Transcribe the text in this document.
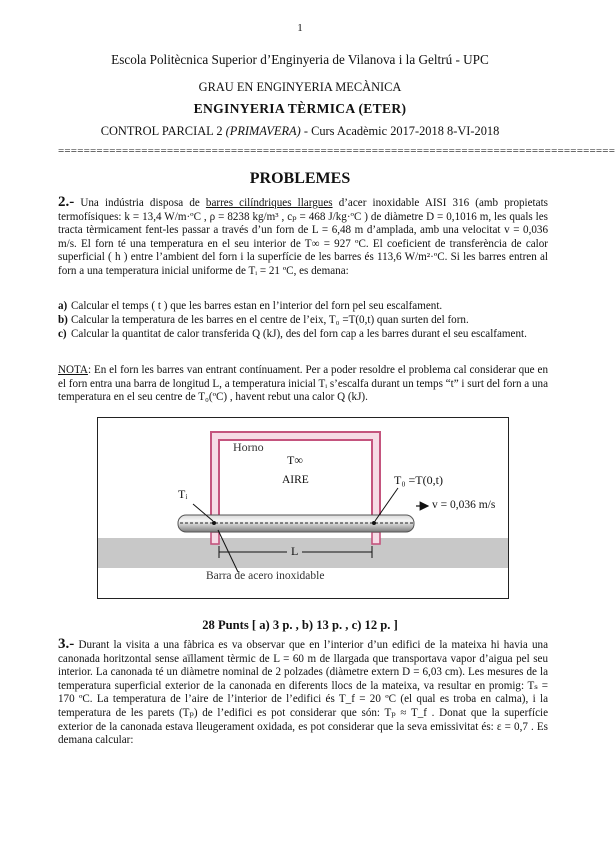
1
Escola Politècnica Superior d’Enginyeria de Vilanova i la Geltrú - UPC
GRAU EN ENGINYERIA MECÀNICA
ENGINYERIA TÈRMICA (ETER)
CONTROL PARCIAL 2 (PRIMAVERA) - Curs Acadèmic 2017-2018 8-VI-2018
=======================================================================================
PROBLEMES
2.- Una indústria disposa de barres cilíndriques llargues d’acer inoxidable AISI 316 (amb propietats termofísiques: k = 13,4 W/m·ºC , ρ = 8238 kg/m³ , cₚ = 468 J/kg·ºC ) de diàmetre D = 0,1016 m, les quals les tracta tèrmicament fent-les passar a través d’un forn de L = 6,48 m d’amplada, amb una velocitat v = 0,036 m/s. El forn té una temperatura en el seu interior de T∞ = 927 ºC. El coeficient de transferència de calor superficial ( h ) entre l’ambient del forn i la superfície de les barres és 113,6 W/m²·ºC. Si les barres entren al forn a una temperatura inicial uniforme de Tᵢ = 21 ºC, es demana:
a) Calcular el temps ( t ) que les barres estan en l’interior del forn pel seu escalfament.
b) Calcular la temperatura de les barres en el centre de l’eix, T₀ =T(0,t) quan surten del forn.
c) Calcular la quantitat de calor transferida Q (kJ), des del forn cap a les barres durant el seu escalfament.
NOTA: En el forn les barres van entrant contínuament. Per a poder resoldre el problema cal considerar que en el forn entra una barra de longitud L, a temperatura inicial Tᵢ s’escalfa durant un temps “t” i surt del forn a una temperatura en el seu centre de T₀(ºC) , havent rebut una calor Q (kJ).
Horno
T∞
AIRE	T₀ =T(0,t)
Tᵢ
v = 0,036 m/s
L
Barra de acero inoxidable
28 Punts [ a) 3 p. , b) 13 p. , c) 12 p. ]
3.- Durant la visita a una fàbrica es va observar que en l’interior d’un edifici de la mateixa hi havia una canonada horitzontal sense aïllament tèrmic de L = 60 m de llargada que transportava vapor d’aigua pel seu interior. La canonada té un diàmetre nominal de 2 polzades (diàmetre extern D = 6,03 cm). Les mesures de la temperatura superficial exterior de la canonada en diferents llocs de la mateixa, va resultar en promig: Tₛ = 170 ºC. La temperatura de l’aire de l’interior de l’edifici és T_f = 20 ºC (el qual es troba en calma), i la temperatura de les parets (Tₚ) de l’edifici es pot considerar que són: Tₚ ≈ T_f . Donat que la superfície exterior de la canonada estava lleugerament oxidada, es pot considerar que la seva emissivitat és: ε = 0,7 . Es demana calcular:
